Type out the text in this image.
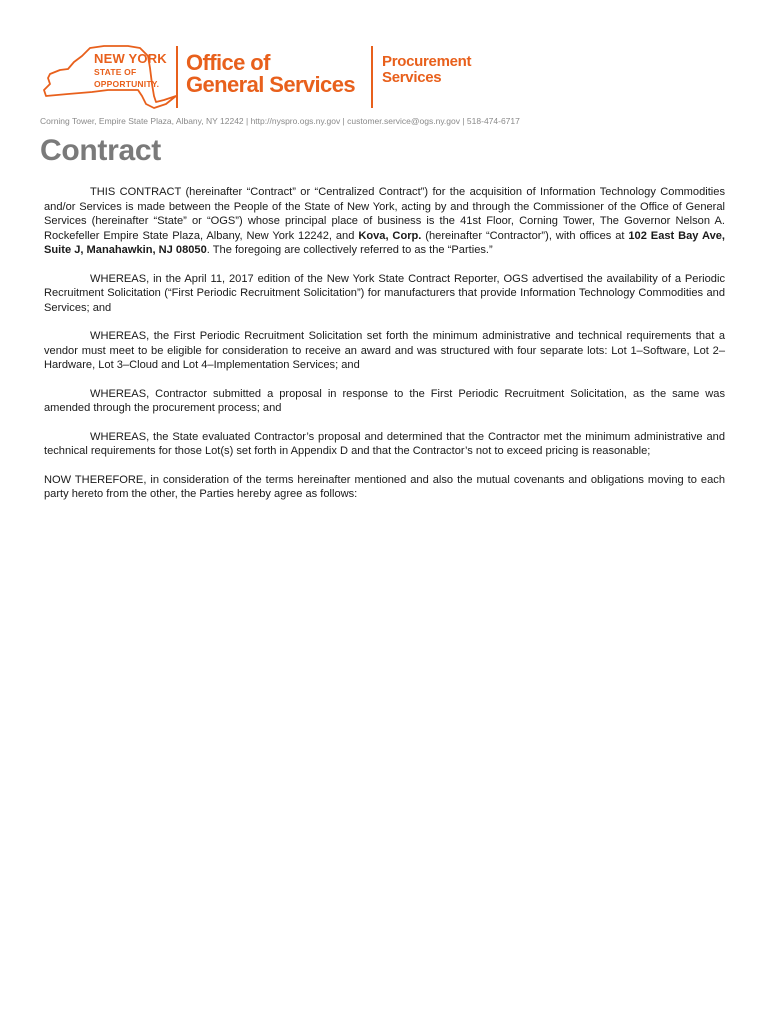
NEW YORK
STATE OF
OPPORTUNITY.
Office of
General Services
Procurement
Services
Corning Tower, Empire State Plaza, Albany, NY 12242 | http://nyspro.ogs.ny.gov | customer.service@ogs.ny.gov | 518-474-6717
Contract

THIS CONTRACT (hereinafter “Contract” or “Centralized Contract”) for the acquisition of Information Technology Commodities and/or Services is made between the People of the State of New York, acting by and through the Commissioner of the Office of General Services (hereinafter “State” or “OGS”) whose principal place of business is the 41st Floor, Corning Tower, The Governor Nelson A. Rockefeller Empire State Plaza, Albany, New York 12242, and Kova, Corp. (hereinafter “Contractor”), with offices at 102 East Bay Ave, Suite J, Manahawkin, NJ 08050. The foregoing are collectively referred to as the “Parties.”

WHEREAS, in the April 11, 2017 edition of the New York State Contract Reporter, OGS advertised the availability of a Periodic Recruitment Solicitation (“First Periodic Recruitment Solicitation”) for manufacturers that provide Information Technology Commodities and Services; and

WHEREAS, the First Periodic Recruitment Solicitation set forth the minimum administrative and technical requirements that a vendor must meet to be eligible for consideration to receive an award and was structured with four separate lots: Lot 1–Software, Lot 2–Hardware, Lot 3–Cloud and Lot 4–Implementation Services; and

WHEREAS, Contractor submitted a proposal in response to the First Periodic Recruitment Solicitation, as the same was amended through the procurement process; and

WHEREAS, the State evaluated Contractor’s proposal and determined that the Contractor met the minimum administrative and technical requirements for those Lot(s) set forth in Appendix D and that the Contractor’s not to exceed pricing is reasonable;

NOW THEREFORE, in consideration of the terms hereinafter mentioned and also the mutual covenants and obligations moving to each party hereto from the other, the Parties hereby agree as follows:
